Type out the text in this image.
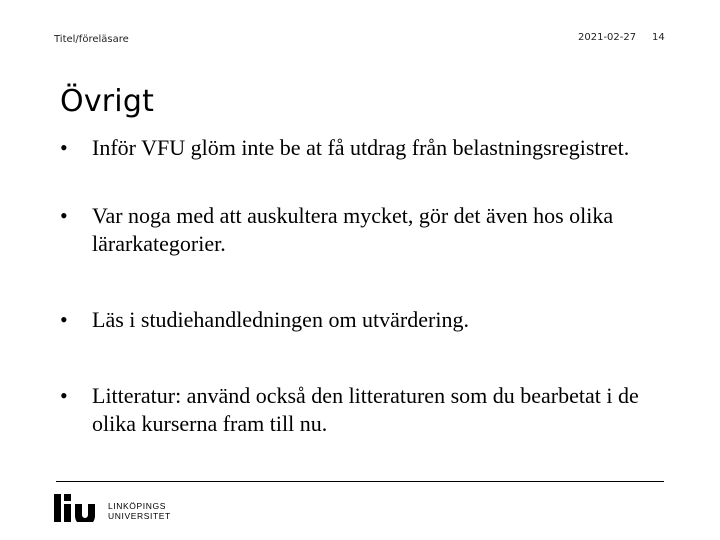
Titel/föreläsare	2021-02-27 14
Övrigt
•	Inför VFU glöm inte be at få utdrag från belastningsregistret.
•	Var noga med att auskultera mycket, gör det även hos olika lärarkategorier.
•	Läs i studiehandledningen om utvärdering.
•	Litteratur: använd också den litteraturen som du bearbetat i de olika kurserna fram till nu.
LINKÖPINGS
UNIVERSITET
